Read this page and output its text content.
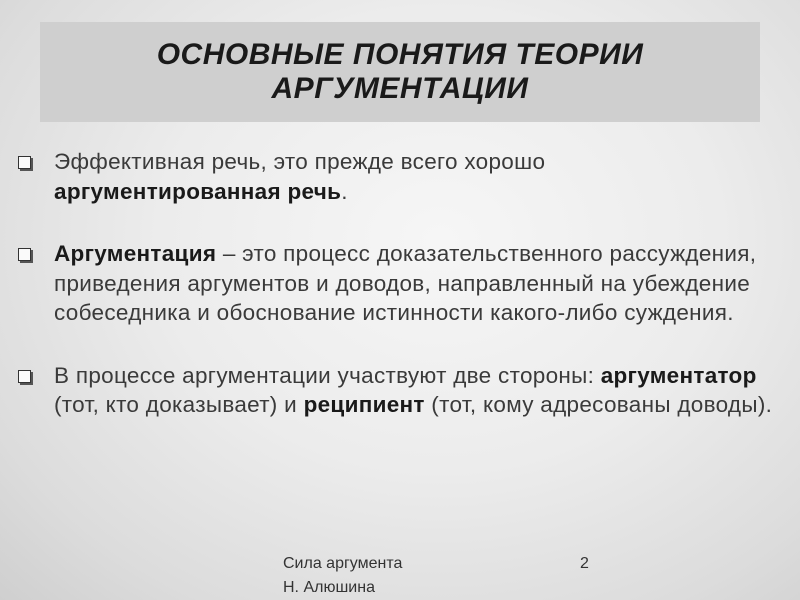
ОСНОВНЫЕ ПОНЯТИЯ ТЕОРИИ
АРГУМЕНТАЦИИ
Эффективная речь, это прежде всего хорошо аргументированная речь.
Аргументация – это процесс доказательственного рассуждения, приведения аргументов и доводов, направленный на убеждение собеседника и обоснование истинности какого-либо суждения.
В процессе аргументации участвуют две стороны: аргументатор (тот, кто доказывает) и реципиент (тот, кому адресованы доводы).
Сила аргумента
Н. Алюшина
2
